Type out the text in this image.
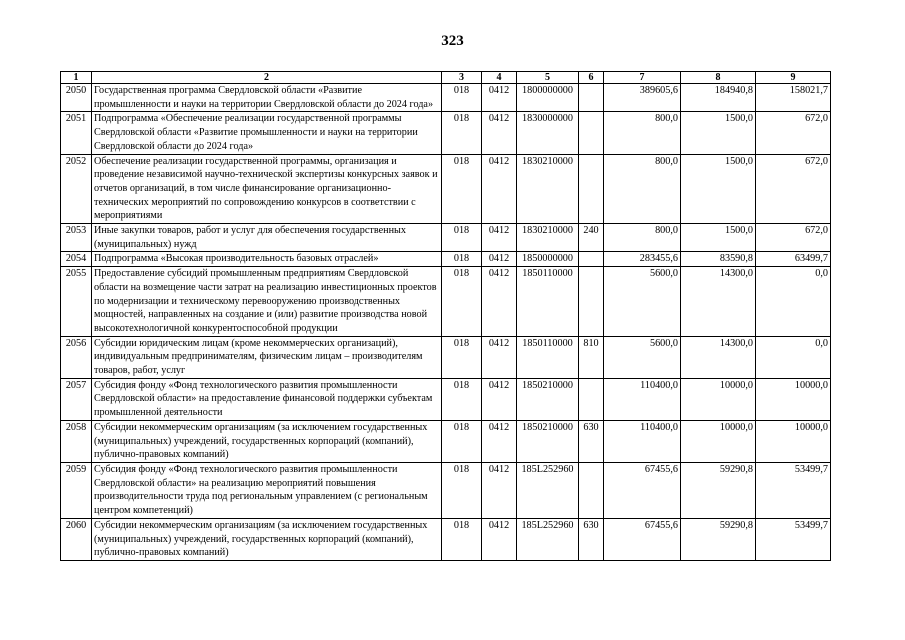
323
1	2	3	4	5	6	7	8	9
2050	Государственная программа Свердловской области «Развитие промышленности и науки на территории Свердловской области до 2024 года»	018	0412	1800000000		389605,6	184940,8	158021,7
2051	Подпрограмма «Обеспечение реализации государственной программы Свердловской области «Развитие промышленности и науки на территории Свердловской области до 2024 года»	018	0412	1830000000		800,0	1500,0	672,0
2052	Обеспечение реализации государственной программы, организация и проведение независимой научно-технической экспертизы конкурсных заявок и отчетов организаций, в том числе финансирование организационно-технических мероприятий по сопровождению конкурсов в соответствии с мероприятиями	018	0412	1830210000		800,0	1500,0	672,0
2053	Иные закупки товаров, работ и услуг для обеспечения государственных (муниципальных) нужд	018	0412	1830210000	240	800,0	1500,0	672,0
2054	Подпрограмма «Высокая производительность базовых отраслей»	018	0412	1850000000		283455,6	83590,8	63499,7
2055	Предоставление субсидий промышленным предприятиям Свердловской области на возмещение части затрат на реализацию инвестиционных проектов по модернизации и техническому перевооружению производственных мощностей, направленных на создание и (или) развитие производства новой высокотехнологичной конкурентоспособной продукции	018	0412	1850110000		5600,0	14300,0	0,0
2056	Субсидии юридическим лицам (кроме некоммерческих организаций), индивидуальным предпринимателям, физическим лицам – производителям товаров, работ, услуг	018	0412	1850110000	810	5600,0	14300,0	0,0
2057	Субсидия фонду «Фонд технологического развития промышленности Свердловской области» на предоставление финансовой поддержки субъектам промышленной деятельности	018	0412	1850210000		110400,0	10000,0	10000,0
2058	Субсидии некоммерческим организациям (за исключением государственных (муниципальных) учреждений, государственных корпораций (компаний), публично-правовых компаний)	018	0412	1850210000	630	110400,0	10000,0	10000,0
2059	Субсидия фонду «Фонд технологического развития промышленности Свердловской области» на реализацию мероприятий повышения производительности труда под региональным управлением (с региональным центром компетенций)	018	0412	185L252960		67455,6	59290,8	53499,7
2060	Субсидии некоммерческим организациям (за исключением государственных (муниципальных) учреждений, государственных корпораций (компаний), публично-правовых компаний)	018	0412	185L252960	630	67455,6	59290,8	53499,7
